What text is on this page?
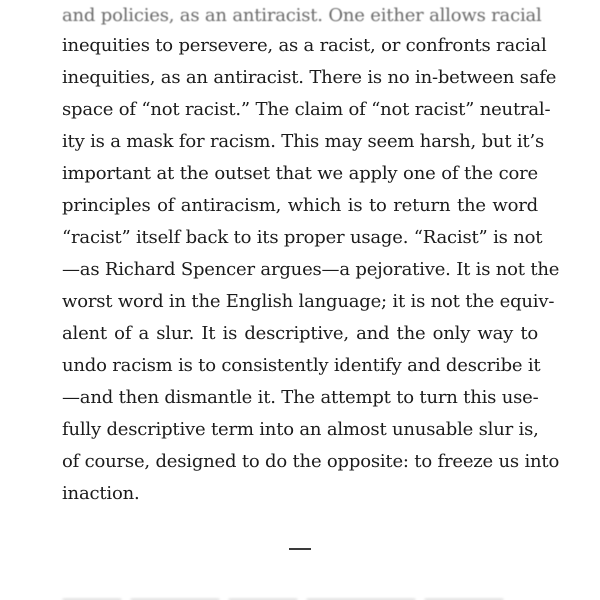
and policies, as an antiracist. One either allows racial
inequities to persevere, as a racist, or confronts racial
inequities, as an antiracist. There is no in-between safe
space of “not racist.” The claim of “not racist” neutral-
ity is a mask for racism. This may seem harsh, but it’s
important at the outset that we apply one of the core
principles of antiracism, which is to return the word
“racist” itself back to its proper usage. “Racist” is not
—as Richard Spencer argues—a pejorative. It is not the
worst word in the English language; it is not the equiv-
alent of a slur. It is descriptive, and the only way to
undo racism is to consistently identify and describe it
—and then dismantle it. The attempt to turn this use-
fully descriptive term into an almost unusable slur is,
of course, designed to do the opposite: to freeze us into
inaction.
